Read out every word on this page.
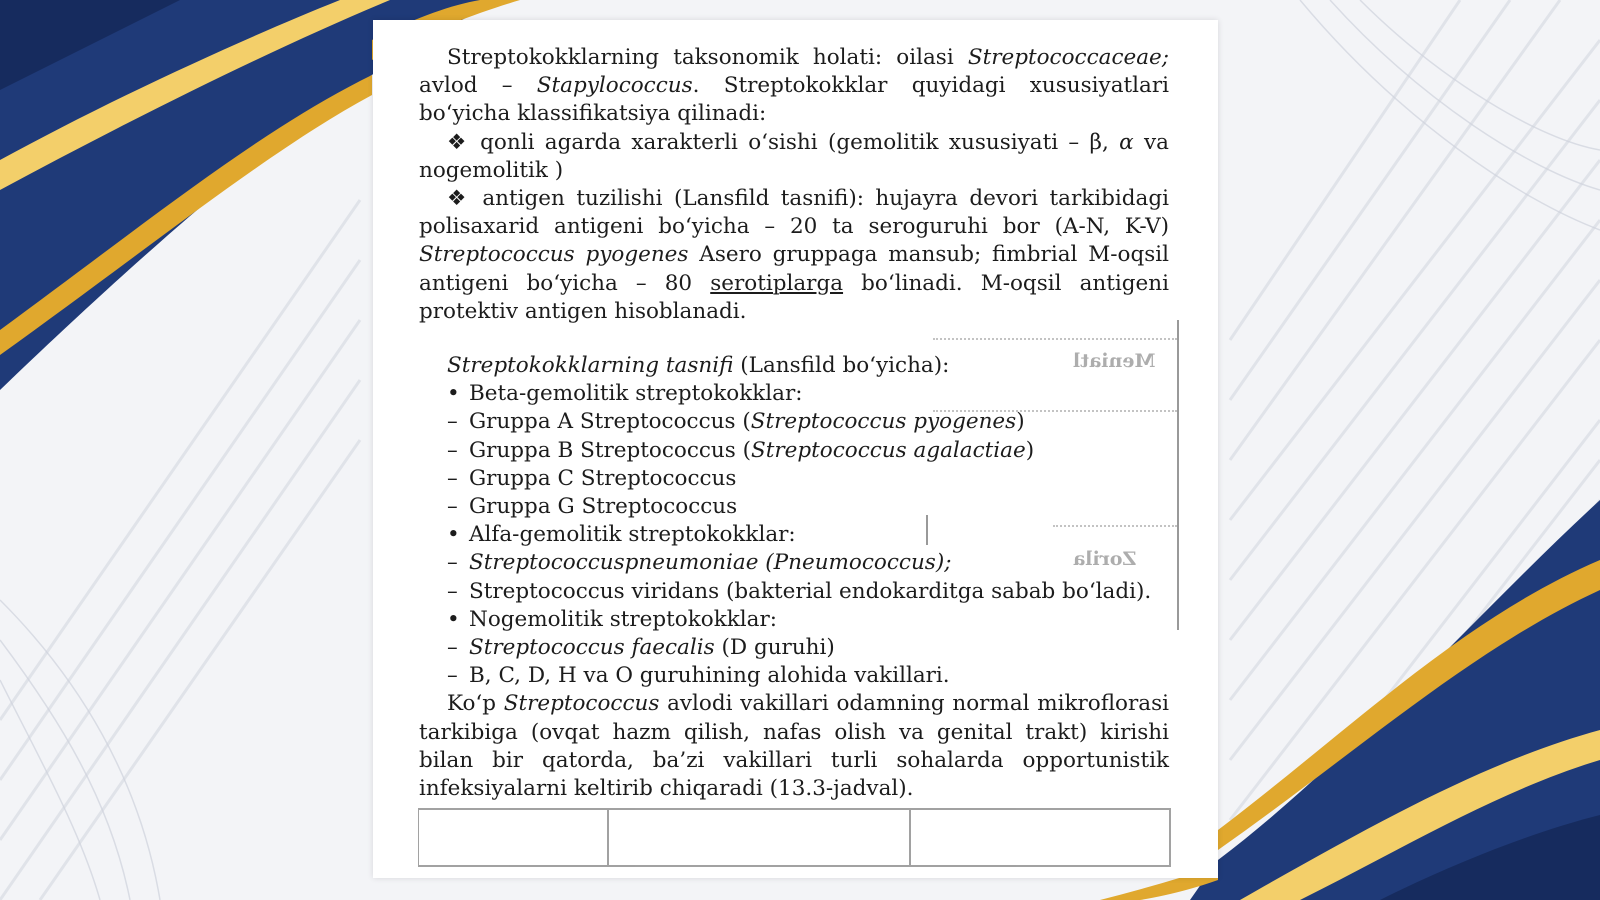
Streptokokklarning taksonomik holati: oilasi Streptococcaceae; avlod – Stapylococcus. Streptokokklar quyidagi xususiyatlari bo‘yicha klassifikatsiya qilinadi:

❖ qonli agarda xarakterli o‘sishi (gemolitik xususiyati – β, α va nogemolitik )

❖ antigen tuzilishi (Lansfild tasnifi): hujayra devori tarkibidagi polisaxarid antigeni bo‘yicha – 20 ta seroguruhi bor (A-N, K-V) Streptococcus pyogenes Asero gruppaga mansub; fimbrial M-oqsil antigeni bo‘yicha – 80 serotiplarga bo‘linadi. M-oqsil antigeni protektiv antigen hisoblanadi.

Streptokokklarning tasnifi (Lansfild bo‘yicha):
• Beta-gemolitik streptokokklar:
– Gruppa A Streptococcus (Streptococcus pyogenes)
– Gruppa B Streptococcus (Streptococcus agalactiae)
– Gruppa C Streptococcus
– Gruppa G Streptococcus
• Alfa-gemolitik streptokokklar:
– Streptococcuspneumoniae (Pneumococcus);
– Streptococcus viridans (bakterial endokarditga sabab bo‘ladi).
• Nogemolitik streptokokklar:
– Streptococcus faecalis (D guruhi)
– B, C, D, H va O guruhining alohida vakillari.

Ko‘p Streptococcus avlodi vakillari odamning normal mikroflorasi tarkibiga (ovqat hazm qilish, nafas olish va genital trakt) kirishi bilan bir qatorda, ba’zi vakillari turli sohalarda opportunistik infeksiyalarni keltirib chiqaradi (13.3-jadval).

Meniatl
Zorila
